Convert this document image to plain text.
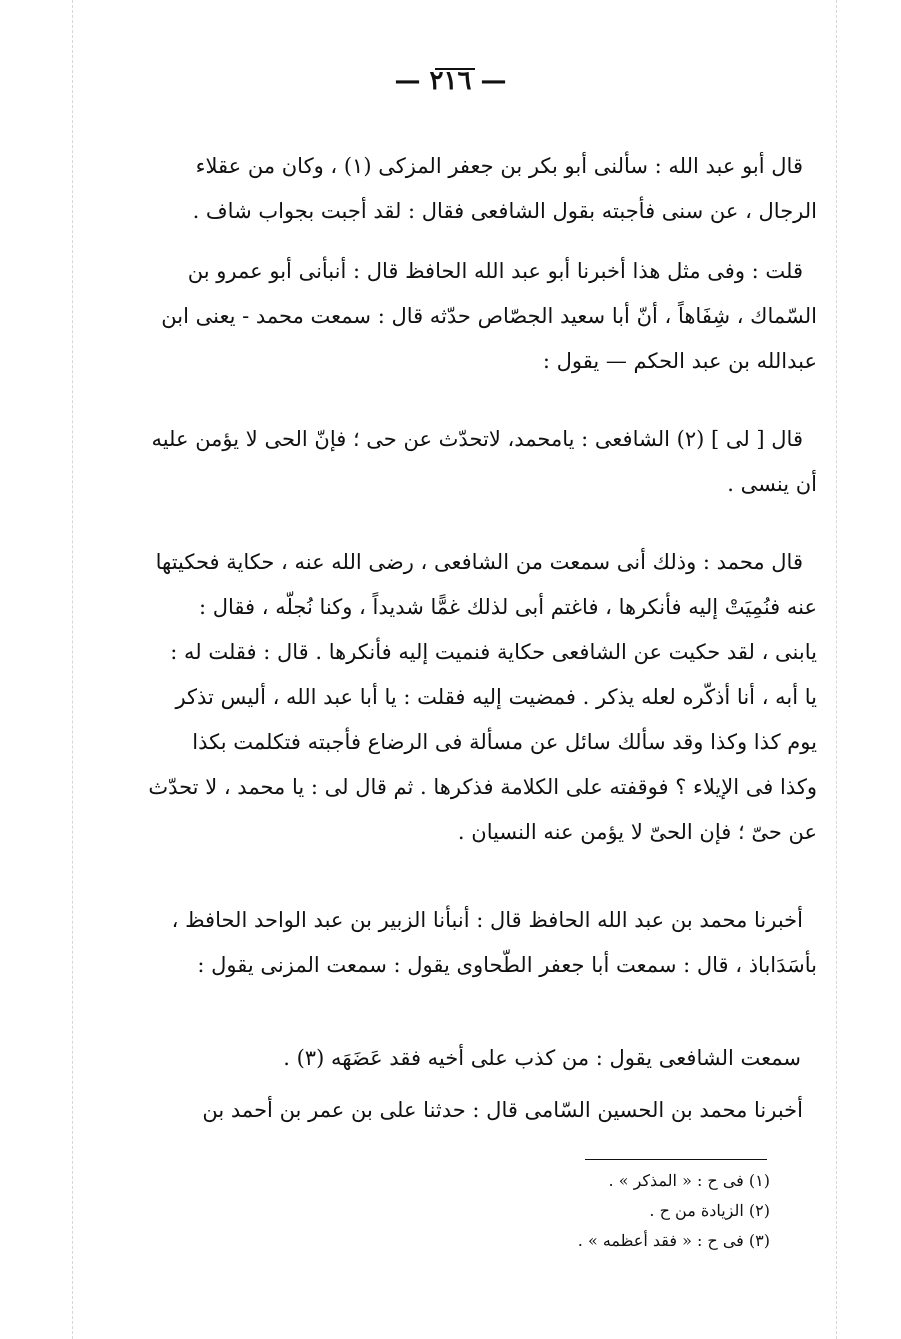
— ٢١٦ —
قال أبو عبد الله : سألنى أبو بكر بن جعفر المزكى (١) ، وكان من عقلاء
الرجال ، عن سنى فأجبته بقول الشافعى فقال : لقد أجبت بجواب شاف .
قلت : وفى مثل هذا أخبرنا أبو عبد الله الحافظ قال : أنبأنى أبو عمرو بن
السّماك ، شِفَاهاً ، أنّ أبا سعيد الجصّاص حدّثه قال : سمعت محمد - يعنى ابن
عبدالله بن عبد الحكم — يقول :
قال [ لى ] (٢) الشافعى : يامحمد، لاتحدّث عن حى ؛ فإنّ الحى لا يؤمن عليه
أن ينسى .
قال محمد : وذلك أنى سمعت من الشافعى ، رضى الله عنه ، حكاية فحكيتها
عنه فنُمِيَتْ إليه فأنكرها ، فاغتم أبى لذلك غمًّا شديداً ، وكنا نُجلّه ، فقال :
يابنى ، لقد حكيت عن الشافعى حكاية فنميت إليه فأنكرها . قال : فقلت له :
يا أبه ، أنا أذكّره لعله يذكر . فمضيت إليه فقلت : يا أبا عبد الله ، أليس تذكر
يوم كذا وكذا وقد سألك سائل عن مسألة فى الرضاع فأجبته فتكلمت بكذا
وكذا فى الإيلاء ؟ فوقفته على الكلامة فذكرها . ثم قال لى : يا محمد ، لا تحدّث
عن حىّ ؛ فإن الحىّ لا يؤمن عنه النسيان .
أخبرنا محمد بن عبد الله الحافظ قال : أنبأنا الزبير بن عبد الواحد الحافظ ،
بأسَدَاباذ ، قال : سمعت أبا جعفر الطّحاوى يقول : سمعت المزنى يقول :
سمعت الشافعى يقول : من كذب على أخيه فقد عَضَهَه (٣) .
أخبرنا محمد بن الحسين السّامى قال : حدثنا على بن عمر بن أحمد بن
(١) فى ح : « المذكر » .
(٢) الزيادة من ح .
(٣) فى ح : « فقد أعظمه » .
